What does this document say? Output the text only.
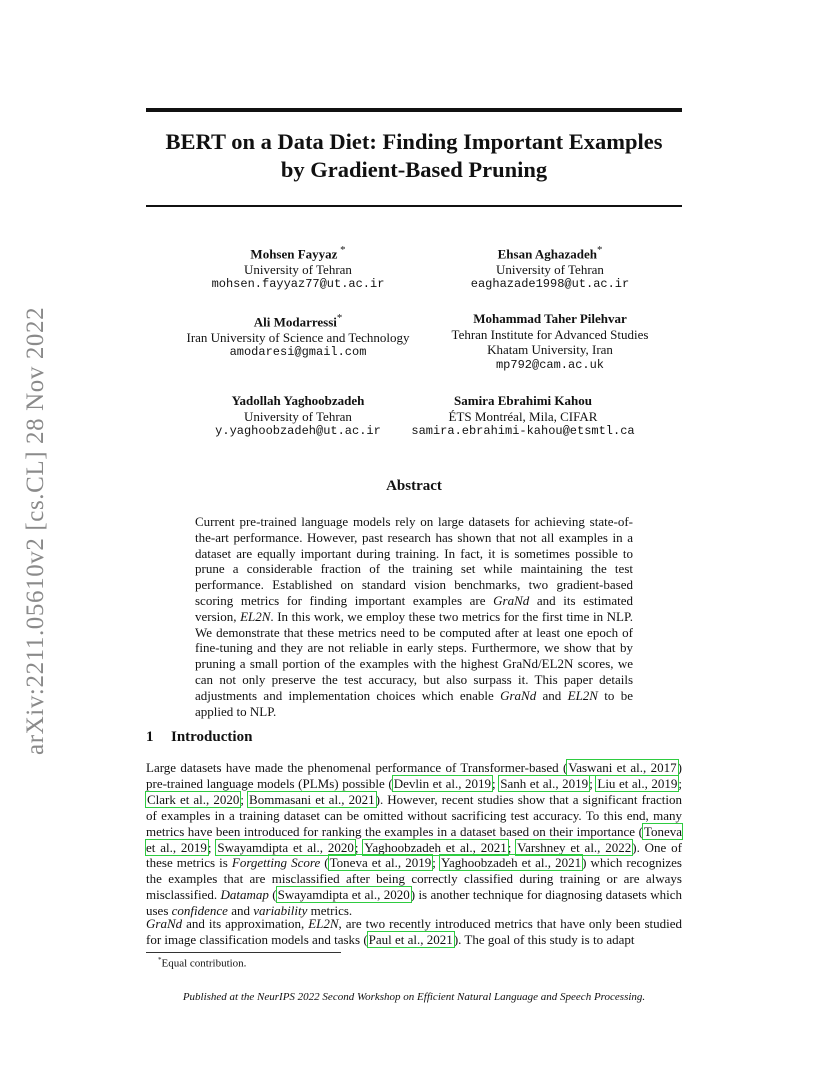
arXiv:2211.05610v2 [cs.CL] 28 Nov 2022
BERT on a Data Diet: Finding Important Examples
by Gradient-Based Pruning
Mohsen Fayyaz *
University of Tehran
mohsen.fayyaz77@ut.ac.ir
Ehsan Aghazadeh*
University of Tehran
eaghazade1998@ut.ac.ir
Ali Modarressi*
Iran University of Science and Technology
amodaresi@gmail.com
Mohammad Taher Pilehvar
Tehran Institute for Advanced Studies
Khatam University, Iran
mp792@cam.ac.uk
Yadollah Yaghoobzadeh
University of Tehran
y.yaghoobzadeh@ut.ac.ir
Samira Ebrahimi Kahou
ÉTS Montréal, Mila, CIFAR
samira.ebrahimi-kahou@etsmtl.ca
Abstract
Current pre-trained language models rely on large datasets for achieving state-of-the-art performance. However, past research has shown that not all examples in a dataset are equally important during training. In fact, it is sometimes possible to prune a considerable fraction of the training set while maintaining the test performance. Established on standard vision benchmarks, two gradient-based scoring metrics for finding important examples are GraNd and its estimated version, EL2N. In this work, we employ these two metrics for the first time in NLP. We demonstrate that these metrics need to be computed after at least one epoch of fine-tuning and they are not reliable in early steps. Furthermore, we show that by pruning a small portion of the examples with the highest GraNd/EL2N scores, we can not only preserve the test accuracy, but also surpass it. This paper details adjustments and implementation choices which enable GraNd and EL2N to be applied to NLP.
1 Introduction
Large datasets have made the phenomenal performance of Transformer-based (Vaswani et al., 2017) pre-trained language models (PLMs) possible (Devlin et al., 2019; Sanh et al., 2019; Liu et al., 2019; Clark et al., 2020; Bommasani et al., 2021). However, recent studies show that a significant fraction of examples in a training dataset can be omitted without sacrificing test accuracy. To this end, many metrics have been introduced for ranking the examples in a dataset based on their importance (Toneva et al., 2019; Swayamdipta et al., 2020; Yaghoobzadeh et al., 2021; Varshney et al., 2022). One of these metrics is Forgetting Score (Toneva et al., 2019; Yaghoobzadeh et al., 2021) which recognizes the examples that are misclassified after being correctly classified during training or are always misclassified. Datamap (Swayamdipta et al., 2020) is another technique for diagnosing datasets which uses confidence and variability metrics.
GraNd and its approximation, EL2N, are two recently introduced metrics that have only been studied for image classification models and tasks (Paul et al., 2021). The goal of this study is to adapt
*Equal contribution.
Published at the NeurIPS 2022 Second Workshop on Efficient Natural Language and Speech Processing.
